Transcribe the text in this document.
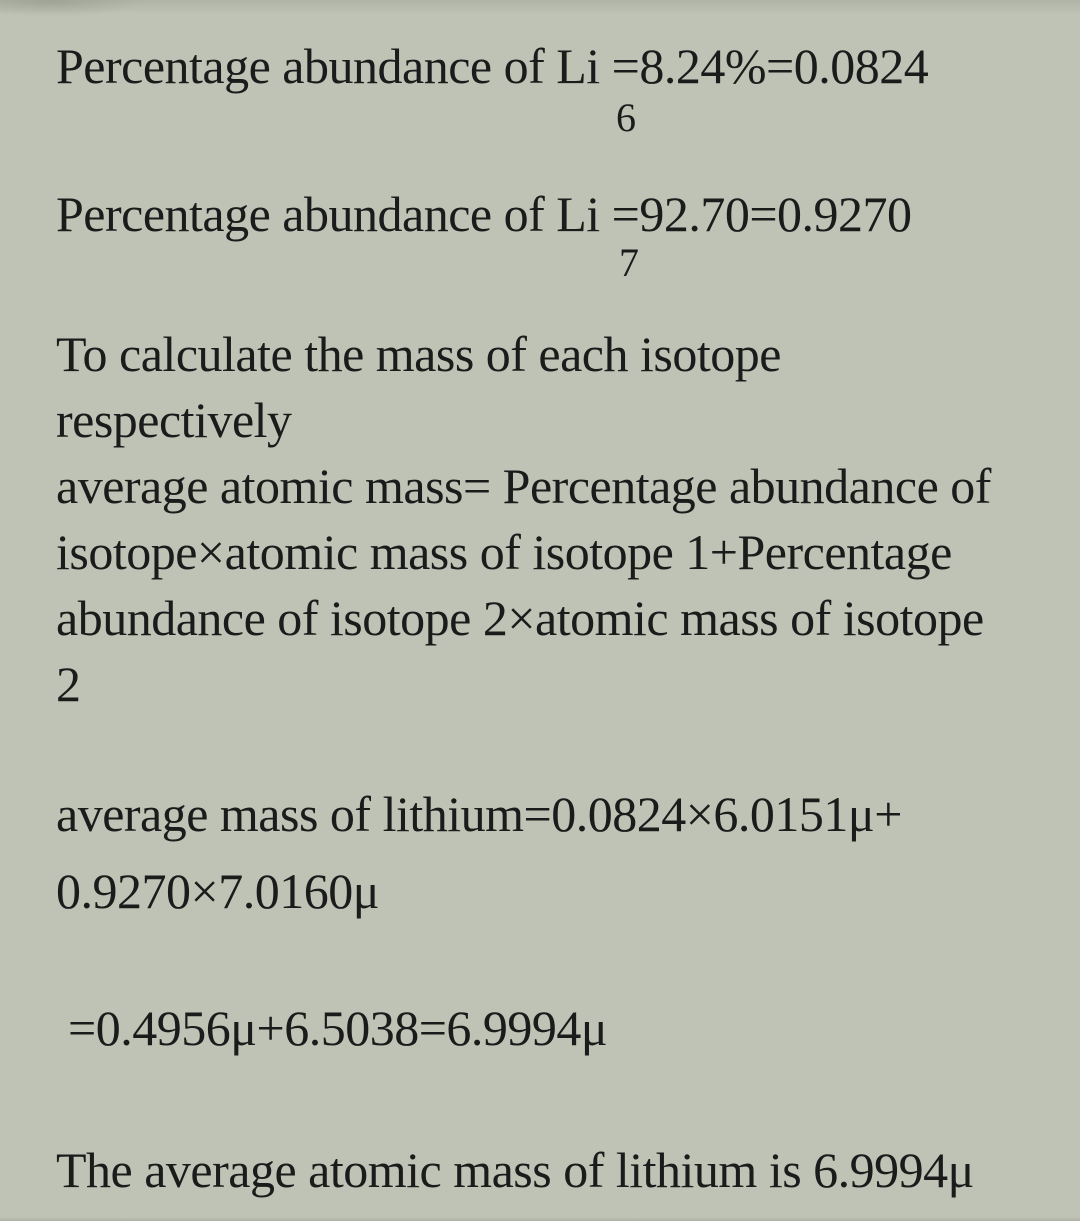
Percentage abundance of Li =8.24%=0.0824
6
Percentage abundance of Li =92.70=0.9270
7
To calculate the mass of each isotope
respectively
average atomic mass= Percentage abundance of
isotope×atomic mass of isotope 1+Percentage
abundance of isotope 2×atomic mass of isotope
2
average mass of lithium=0.0824×6.0151μ+
0.9270×7.0160μ
=0.4956μ+6.5038=6.9994μ
The average atomic mass of lithium is 6.9994μ
